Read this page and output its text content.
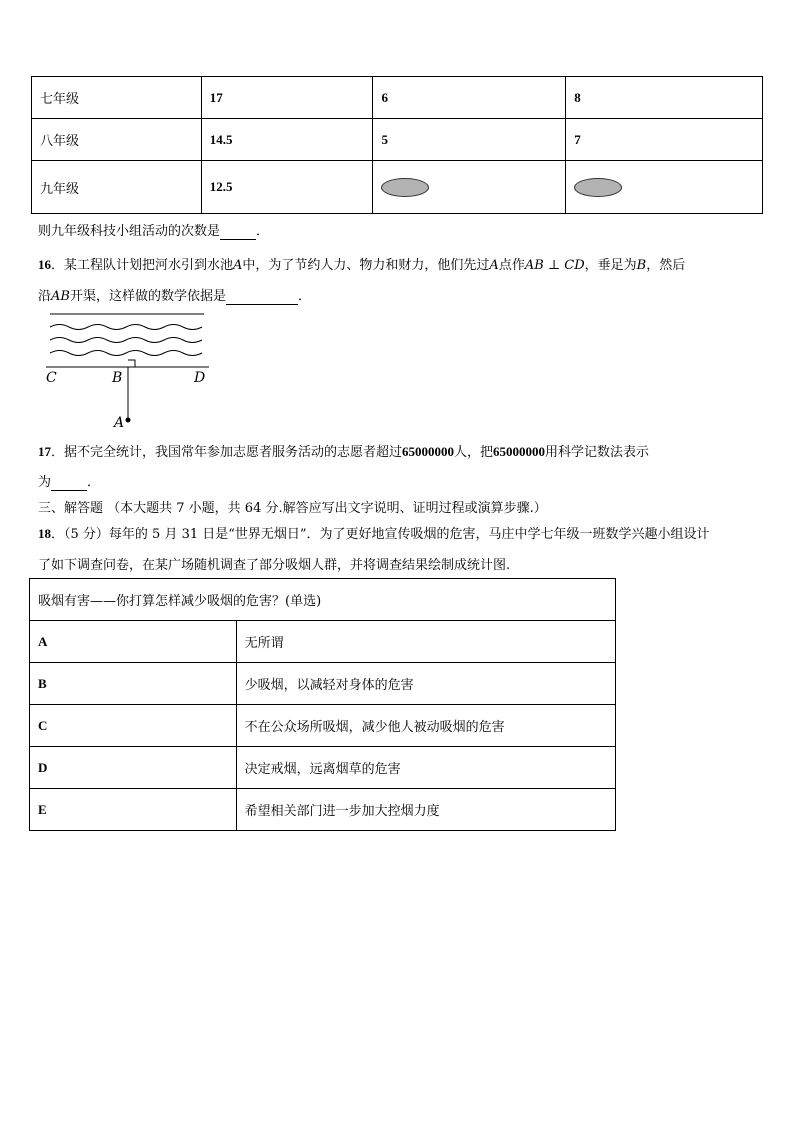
七年级	17	6	8
八年级	14.5	5	7
九年级	12.5		
则九年级科技小组活动的次数是	．
16．某工程队计划把河水引到水池A中，为了节约人力、物力和财力，他们先过A点作AB ⊥ CD，垂足为B，然后
沿AB开渠，这样做的数学依据是	．
C	B	D
A
17．据不完全统计，我国常年参加志愿者服务活动的志愿者超过65000000人，把65000000用科学记数法表示
为	．
三、解答题 （本大题共 7 小题，共 64 分.解答应写出文字说明、证明过程或演算步骤.）
18．（5 分）每年的 5 月 31 日是“世界无烟日”．为了更好地宣传吸烟的危害，马庄中学七年级一班数学兴趣小组设计
了如下调查问卷，在某广场随机调查了部分吸烟人群，并将调查结果绘制成统计图.
吸烟有害——你打算怎样减少吸烟的危害？(单选)	
A	无所谓
B	少吸烟，以减轻对身体的危害
C	不在公众场所吸烟，减少他人被动吸烟的危害
D	决定戒烟，远离烟草的危害
E	希望相关部门进一步加大控烟力度
